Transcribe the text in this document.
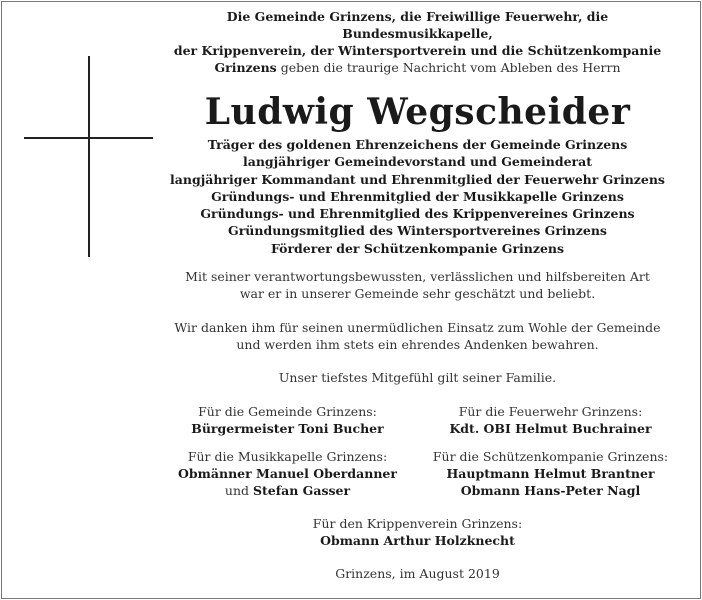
Die Gemeinde Grinzens, die Freiwillige Feuerwehr, die Bundesmusikkapelle,
der Krippenverein, der Wintersportverein und die Schützenkompanie
Grinzens geben die traurige Nachricht vom Ableben des Herrn
Ludwig Wegscheider
Träger des goldenen Ehrenzeichens der Gemeinde Grinzens
langjähriger Gemeindevorstand und Gemeinderat
langjähriger Kommandant und Ehrenmitglied der Feuerwehr Grinzens
Gründungs- und Ehrenmitglied der Musikkapelle Grinzens
Gründungs- und Ehrenmitglied des Krippenvereines Grinzens
Gründungsmitglied des Wintersportvereines Grinzens
Förderer der Schützenkompanie Grinzens
Mit seiner verantwortungsbewussten, verlässlichen und hilfsbereiten Art
war er in unserer Gemeinde sehr geschätzt und beliebt.
Wir danken ihm für seinen unermüdlichen Einsatz zum Wohle der Gemeinde
und werden ihm stets ein ehrendes Andenken bewahren.
Unser tiefstes Mitgefühl gilt seiner Familie.
Für die Gemeinde Grinzens:
Bürgermeister Toni Bucher
Für die Feuerwehr Grinzens:
Kdt. OBI Helmut Buchrainer
Für die Musikkapelle Grinzens:
Obmänner Manuel Oberdanner
und Stefan Gasser
Für die Schützenkompanie Grinzens:
Hauptmann Helmut Brantner
Obmann Hans-Peter Nagl
Für den Krippenverein Grinzens:
Obmann Arthur Holzknecht
Grinzens, im August 2019
